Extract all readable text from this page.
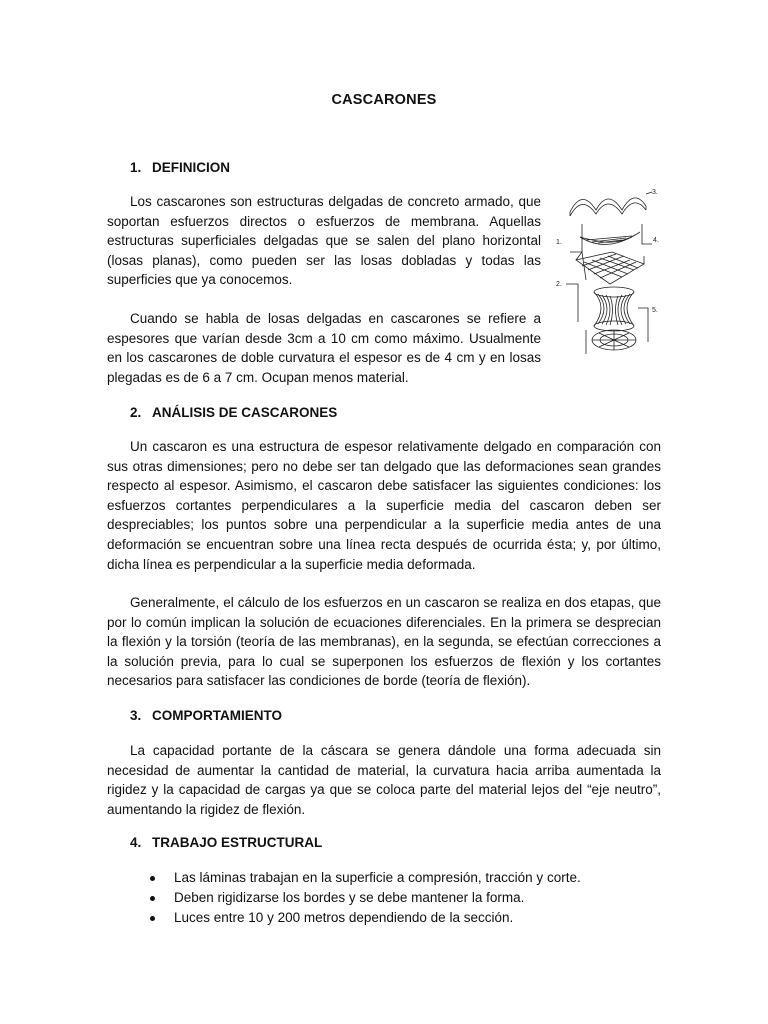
CASCARONES
1. DEFINICION

Los cascarones son estructuras delgadas de concreto armado, que soportan esfuerzos directos o esfuerzos de membrana. Aquellas estructuras superficiales delgadas que se salen del plano horizontal (losas planas), como pueden ser las losas dobladas y todas las superficies que ya conocemos.

Cuando se habla de losas delgadas en cascarones se refiere a espesores que varían desde 3cm a 10 cm como máximo. Usualmente en los cascarones de doble curvatura el espesor es de 4 cm y en losas plegadas es de 6 a 7 cm. Ocupan menos material.

3.
4.
1.
2.
5.
2. ANÁLISIS DE CASCARONES

Un cascaron es una estructura de espesor relativamente delgado en comparación con sus otras dimensiones; pero no debe ser tan delgado que las deformaciones sean grandes respecto al espesor. Asimismo, el cascaron debe satisfacer las siguientes condiciones: los esfuerzos cortantes perpendiculares a la superficie media del cascaron deben ser despreciables; los puntos sobre una perpendicular a la superficie media antes de una deformación se encuentran sobre una línea recta después de ocurrida ésta; y, por último, dicha línea es perpendicular a la superficie media deformada.

Generalmente, el cálculo de los esfuerzos en un cascaron se realiza en dos etapas, que por lo común implican la solución de ecuaciones diferenciales. En la primera se desprecian la flexión y la torsión (teoría de las membranas), en la segunda, se efectúan correcciones a la solución previa, para lo cual se superponen los esfuerzos de flexión y los cortantes necesarios para satisfacer las condiciones de borde (teoría de flexión).

3. COMPORTAMIENTO

La capacidad portante de la cáscara se genera dándole una forma adecuada sin necesidad de aumentar la cantidad de material, la curvatura hacia arriba aumentada la rigidez y la capacidad de cargas ya que se coloca parte del material lejos del “eje neutro”, aumentando la rigidez de flexión.

4. TRABAJO ESTRUCTURAL
Las láminas trabajan en la superficie a compresión, tracción y corte.
Deben rigidizarse los bordes y se debe mantener la forma.
Luces entre 10 y 200 metros dependiendo de la sección.
